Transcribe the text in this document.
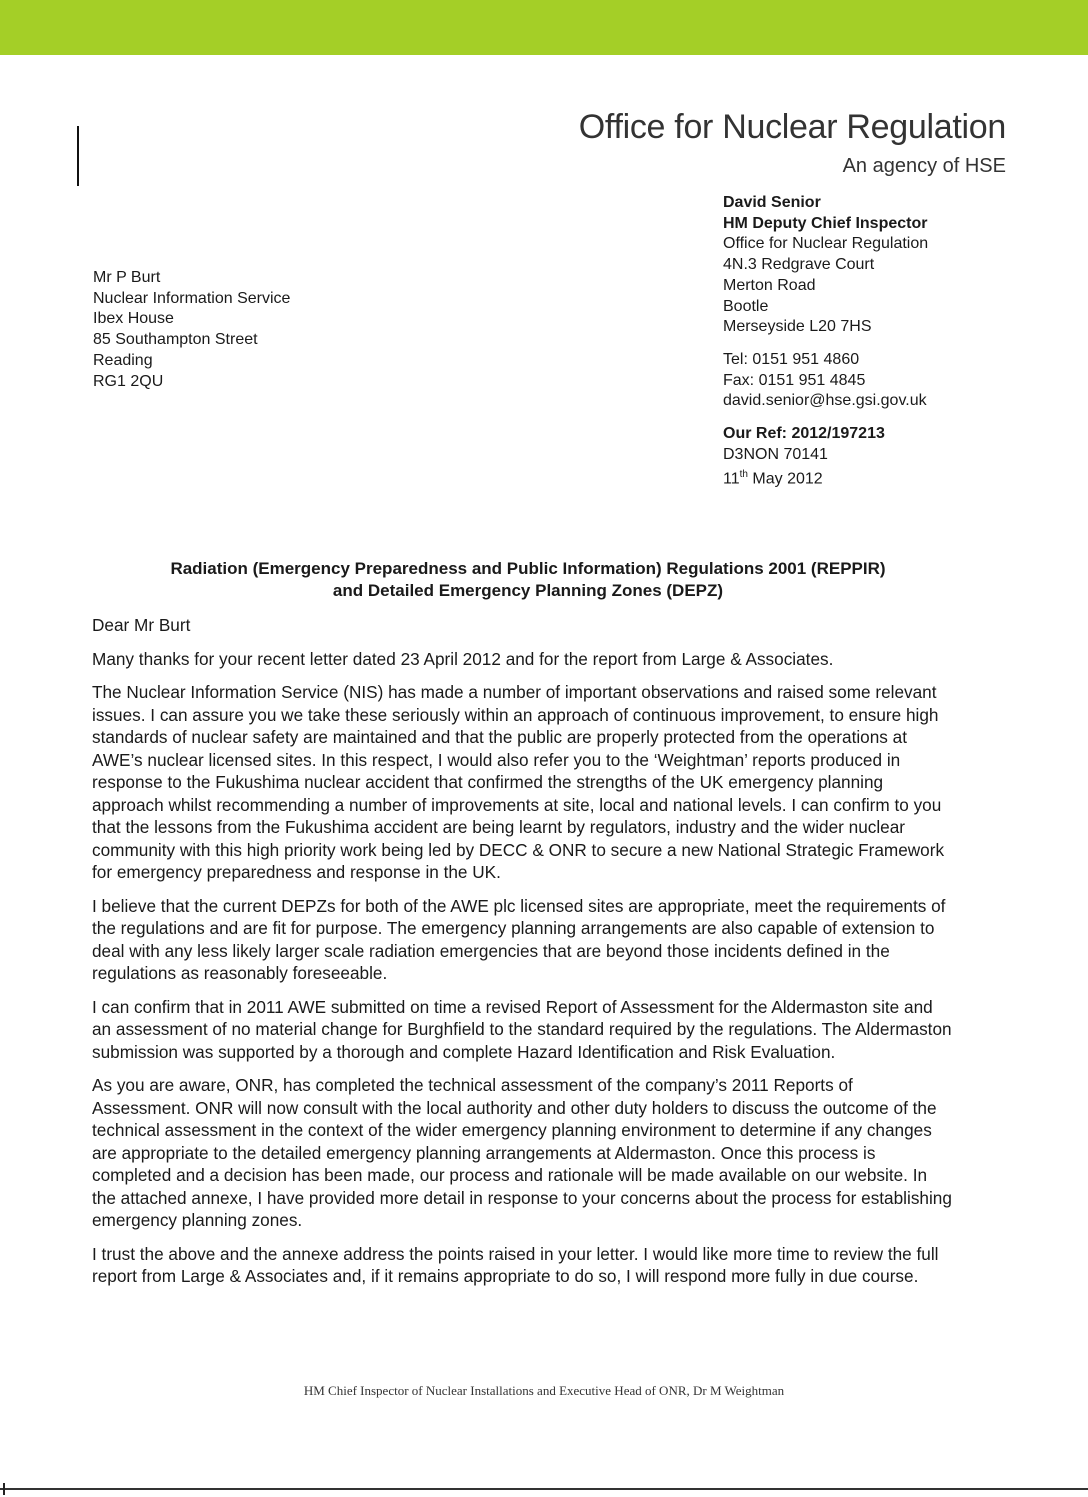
Office for Nuclear Regulation
An agency of HSE
David Senior
HM Deputy Chief Inspector
Office for Nuclear Regulation
4N.3 Redgrave Court
Merton Road
Bootle
Merseyside L20 7HS
Tel: 0151 951 4860
Fax: 0151 951 4845
david.senior@hse.gsi.gov.uk
Our Ref: 2012/197213
D3NON 70141
11th May 2012
Mr P Burt
Nuclear Information Service
Ibex House
85 Southampton Street
Reading
RG1 2QU
Radiation (Emergency Preparedness and Public Information) Regulations 2001 (REPPIR)
and Detailed Emergency Planning Zones (DEPZ)

Dear Mr Burt

Many thanks for your recent letter dated 23 April 2012 and for the report from Large & Associates.

The Nuclear Information Service (NIS) has made a number of important observations and raised some relevant issues. I can assure you we take these seriously within an approach of continuous improvement, to ensure high standards of nuclear safety are maintained and that the public are properly protected from the operations at AWE’s nuclear licensed sites. In this respect, I would also refer you to the ‘Weightman’ reports produced in response to the Fukushima nuclear accident that confirmed the strengths of the UK emergency planning approach whilst recommending a number of improvements at site, local and national levels. I can confirm to you that the lessons from the Fukushima accident are being learnt by regulators, industry and the wider nuclear community with this high priority work being led by DECC & ONR to secure a new National Strategic Framework for emergency preparedness and response in the UK.

I believe that the current DEPZs for both of the AWE plc licensed sites are appropriate, meet the requirements of the regulations and are fit for purpose. The emergency planning arrangements are also capable of extension to deal with any less likely larger scale radiation emergencies that are beyond those incidents defined in the regulations as reasonably foreseeable.

I can confirm that in 2011 AWE submitted on time a revised Report of Assessment for the Aldermaston site and an assessment of no material change for Burghfield to the standard required by the regulations. The Aldermaston submission was supported by a thorough and complete Hazard Identification and Risk Evaluation.

As you are aware, ONR, has completed the technical assessment of the company’s 2011 Reports of Assessment. ONR will now consult with the local authority and other duty holders to discuss the outcome of the technical assessment in the context of the wider emergency planning environment to determine if any changes are appropriate to the detailed emergency planning arrangements at Aldermaston. Once this process is completed and a decision has been made, our process and rationale will be made available on our website. In the attached annexe, I have provided more detail in response to your concerns about the process for establishing emergency planning zones.

I trust the above and the annexe address the points raised in your letter. I would like more time to review the full report from Large & Associates and, if it remains appropriate to do so, I will respond more fully in due course.

HM Chief Inspector of Nuclear Installations and Executive Head of ONR, Dr M Weightman
